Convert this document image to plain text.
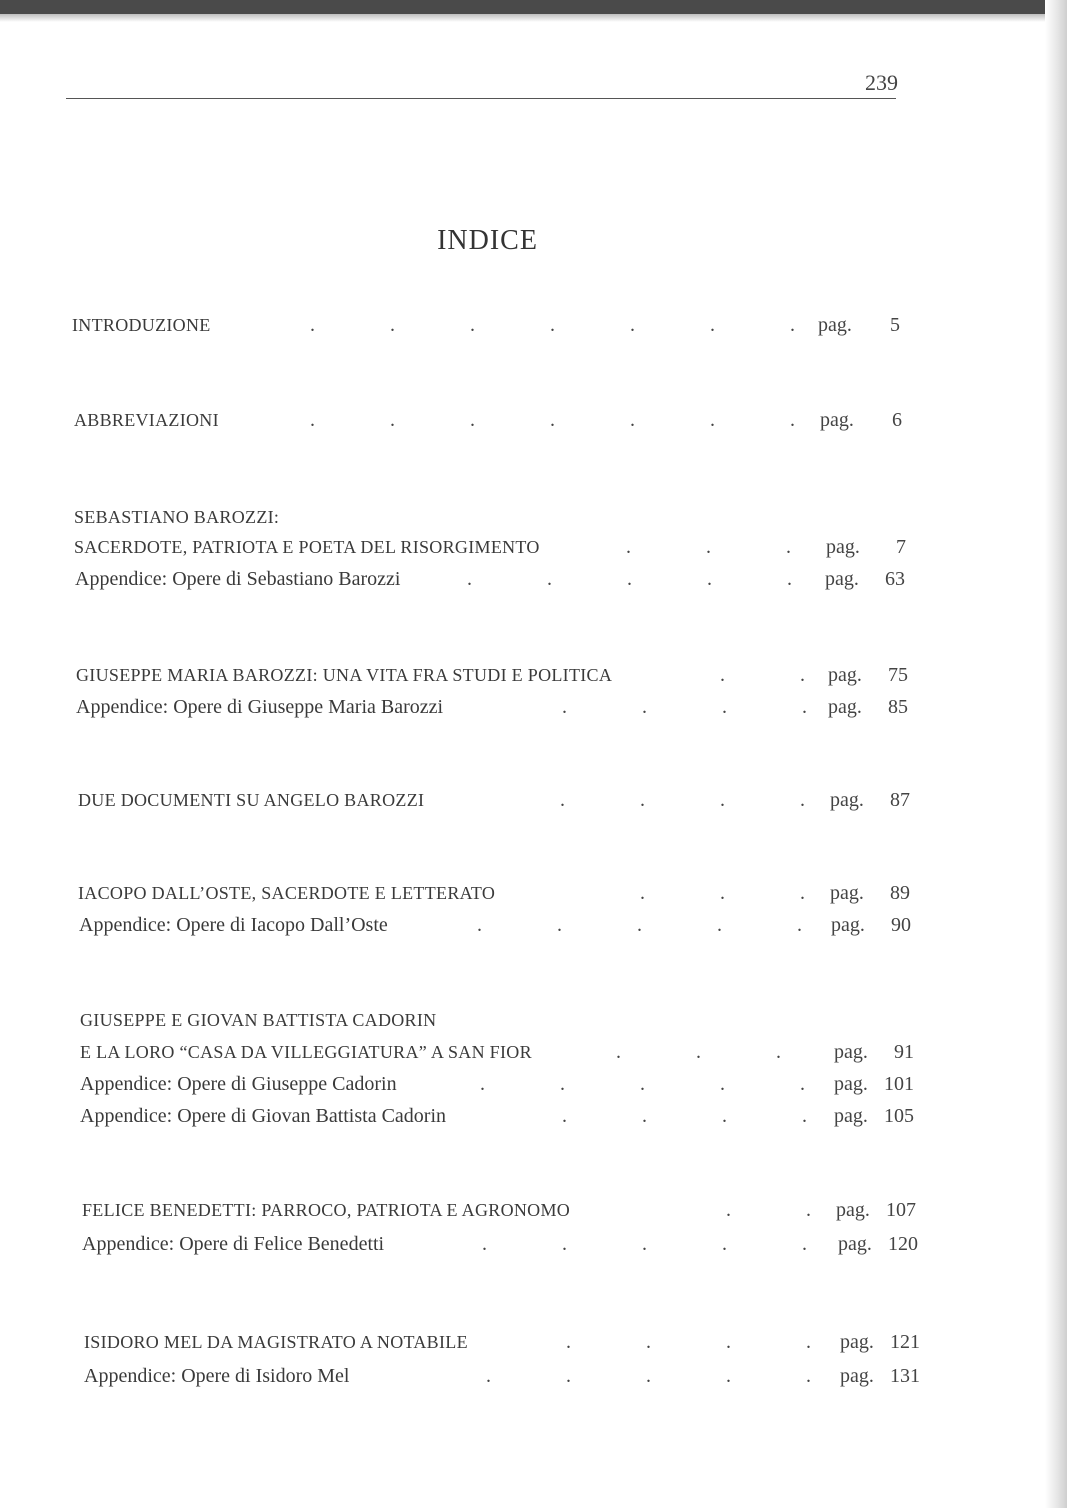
239
INDICE
INTRODUZIONE	.	.	.	.	.	.	.	pag. 5
ABBREVIAZIONI	.	.	.	.	.	.	.	pag. 6
SEBASTIANO BAROZZI:
SACERDOTE, PATRIOTA E POETA DEL RISORGIMENTO	.	.	.	pag. 7
Appendice: Opere di Sebastiano Barozzi	.	.	.	.	.	pag. 63
GIUSEPPE MARIA BAROZZI: UNA VITA FRA STUDI E POLITICA	.	.	pag. 75
Appendice: Opere di Giuseppe Maria Barozzi	.	.	.	.	pag. 85
DUE DOCUMENTI SU ANGELO BAROZZI	.	.	.	.	pag. 87
IACOPO DALL’OSTE, SACERDOTE E LETTERATO	.	.	.	pag. 89
Appendice: Opere di Iacopo Dall’Oste	.	.	.	.	.	pag. 90
GIUSEPPE E GIOVAN BATTISTA CADORIN
E LA LORO “CASA DA VILLEGGIATURA” A SAN FIOR	.	.	.	pag. 91
Appendice: Opere di Giuseppe Cadorin	.	.	.	.	.	pag. 101
Appendice: Opere di Giovan Battista Cadorin	.	.	.	.	pag. 105
FELICE BENEDETTI: PARROCO, PATRIOTA E AGRONOMO	.	.	pag. 107
Appendice: Opere di Felice Benedetti	.	.	.	.	.	pag. 120
ISIDORO MEL DA MAGISTRATO A NOTABILE	.	.	.	.	pag. 121
Appendice: Opere di Isidoro Mel	.	.	.	.	.	pag. 131
